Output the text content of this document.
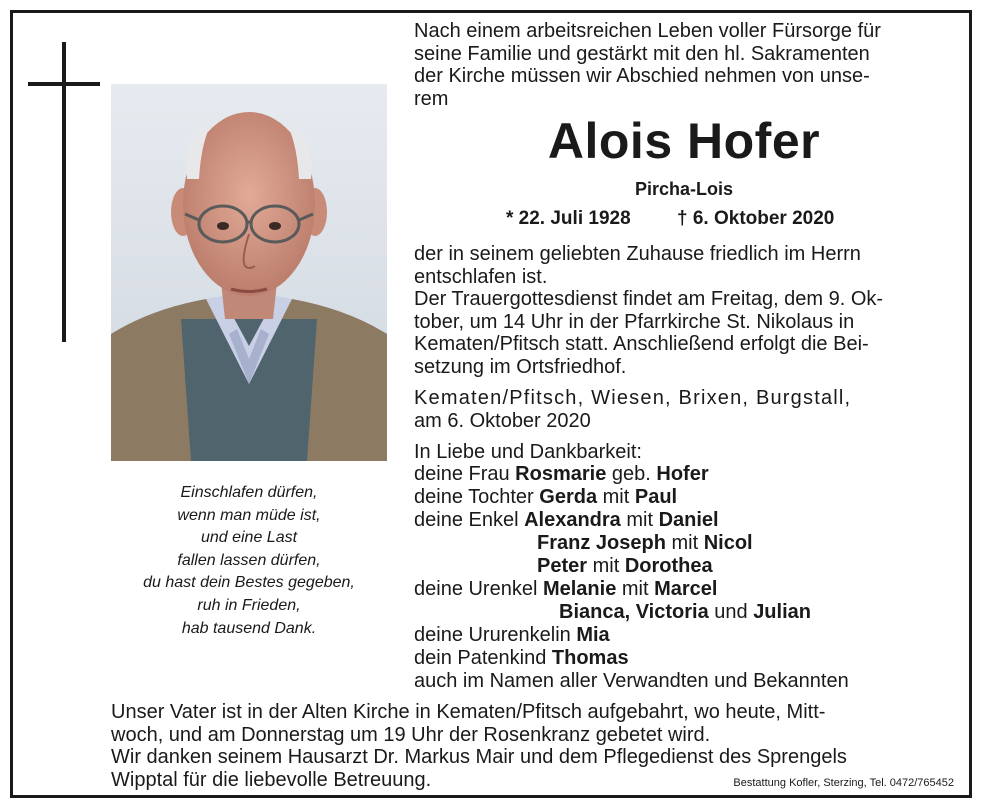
Einschlafen dürfen,
wenn man müde ist,
und eine Last
fallen lassen dürfen,
du hast dein Bestes gegeben,
ruh in Frieden,
hab tausend Dank.
Nach einem arbeitsreichen Leben voller Fürsorge für
seine Familie und gestärkt mit den hl. Sakramenten
der Kirche müssen wir Abschied nehmen von unse-
rem
Alois Hofer
Pircha-Lois
* 22. Juli 1928 † 6. Oktober 2020
der in seinem geliebten Zuhause friedlich im Herrn
entschlafen ist.
Der Trauergottesdienst findet am Freitag, dem 9. Ok-
tober, um 14 Uhr in der Pfarrkirche St. Nikolaus in
Kematen/Pfitsch statt. Anschließend erfolgt die Bei-
setzung im Ortsfriedhof.
Kematen/Pfitsch, Wiesen, Brixen, Burgstall,
am 6. Oktober 2020
In Liebe und Dankbarkeit:
deine Frau Rosmarie geb. Hofer
deine Tochter Gerda mit Paul
deine Enkel Alexandra mit Daniel
Franz Joseph mit Nicol
Peter mit Dorothea
deine Urenkel Melanie mit Marcel
Bianca, Victoria und Julian
deine Ururenkelin Mia
dein Patenkind Thomas
auch im Namen aller Verwandten und Bekannten
Unser Vater ist in der Alten Kirche in Kematen/Pfitsch aufgebahrt, wo heute, Mitt-
woch, und am Donnerstag um 19 Uhr der Rosenkranz gebetet wird.
Wir danken seinem Hausarzt Dr. Markus Mair und dem Pflegedienst des Sprengels
Wipptal für die liebevolle Betreuung.	Bestattung Kofler, Sterzing, Tel. 0472/765452
